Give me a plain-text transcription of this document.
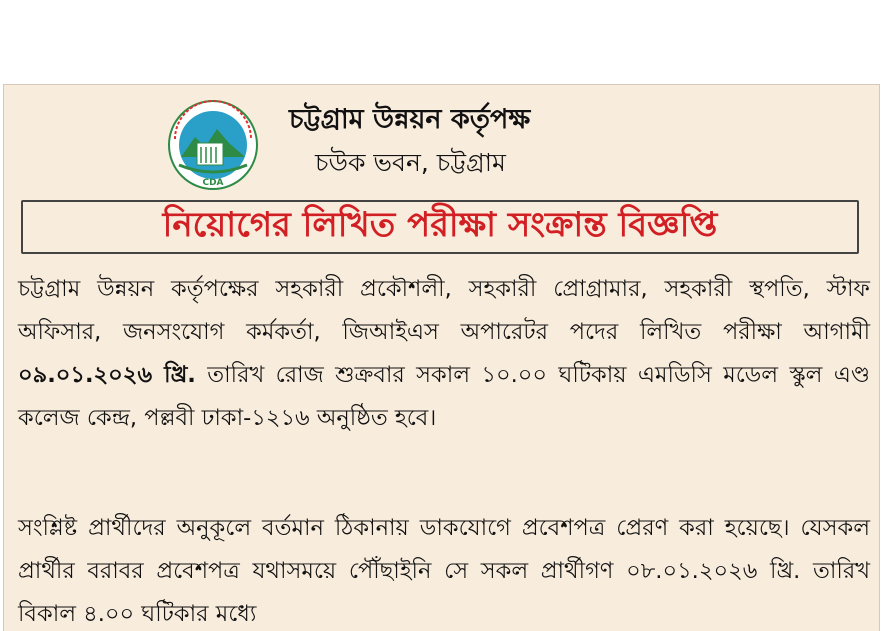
CDA
চট্টগ্রাম উন্নয়ন কর্তৃপক্ষ
চউক ভবন, চট্টগ্রাম
নিয়োগের লিখিত পরীক্ষা সংক্রান্ত বিজ্ঞপ্তি
চট্টগ্রাম উন্নয়ন কর্তৃপক্ষের সহকারী প্রকৌশলী, সহকারী প্রোগ্রামার, সহকারী স্থপতি, স্টাফ অফিসার, জনসংযোগ কর্মকর্তা, জিআইএস অপারেটর পদের লিখিত পরীক্ষা আগামী ০৯.০১.২০২৬ খ্রি. তারিখ রোজ শুক্রবার সকাল ১০.০০ ঘটিকায় এমডিসি মডেল স্কুল এণ্ড কলেজ কেন্দ্র, পল্লবী ঢাকা-১২১৬ অনুষ্ঠিত হবে।
সংশ্লিষ্ট প্রার্থীদের অনুকূলে বর্তমান ঠিকানায় ডাকযোগে প্রবেশপত্র প্রেরণ করা হয়েছে। যেসকল প্রার্থীর বরাবর প্রবেশপত্র যথাসময়ে পৌঁছাইনি সে সকল প্রার্থীগণ ০৮.০১.২০২৬ খ্রি. তারিখ বিকাল ৪.০০ ঘটিকার মধ্যে
